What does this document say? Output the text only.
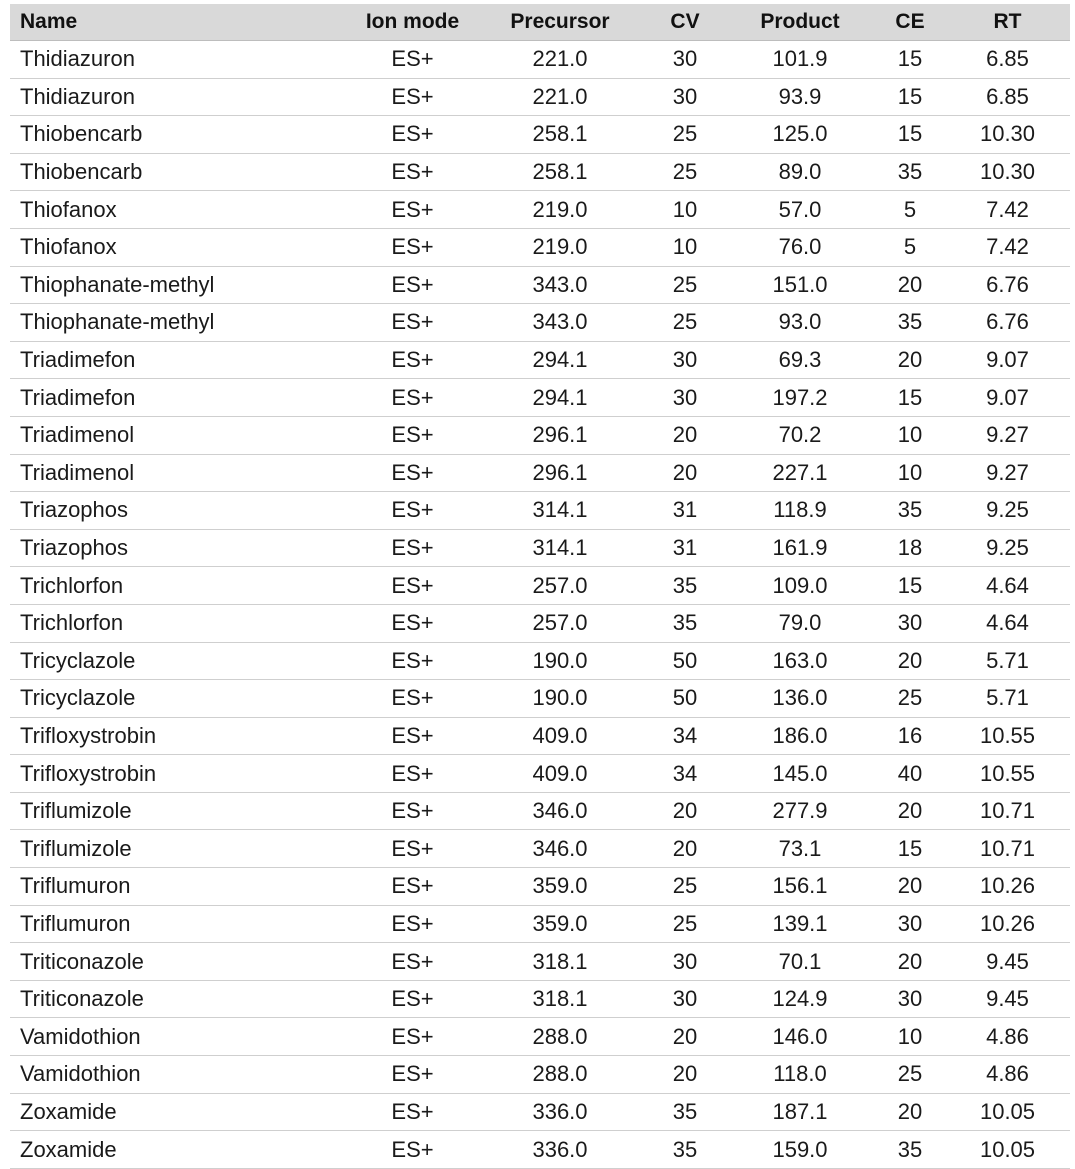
Name	Ion mode	Precursor	CV	Product	CE	RT
Thidiazuron	ES+	221.0	30	101.9	15	6.85
Thidiazuron	ES+	221.0	30	93.9	15	6.85
Thiobencarb	ES+	258.1	25	125.0	15	10.30
Thiobencarb	ES+	258.1	25	89.0	35	10.30
Thiofanox	ES+	219.0	10	57.0	5	7.42
Thiofanox	ES+	219.0	10	76.0	5	7.42
Thiophanate-methyl	ES+	343.0	25	151.0	20	6.76
Thiophanate-methyl	ES+	343.0	25	93.0	35	6.76
Triadimefon	ES+	294.1	30	69.3	20	9.07
Triadimefon	ES+	294.1	30	197.2	15	9.07
Triadimenol	ES+	296.1	20	70.2	10	9.27
Triadimenol	ES+	296.1	20	227.1	10	9.27
Triazophos	ES+	314.1	31	118.9	35	9.25
Triazophos	ES+	314.1	31	161.9	18	9.25
Trichlorfon	ES+	257.0	35	109.0	15	4.64
Trichlorfon	ES+	257.0	35	79.0	30	4.64
Tricyclazole	ES+	190.0	50	163.0	20	5.71
Tricyclazole	ES+	190.0	50	136.0	25	5.71
Trifloxystrobin	ES+	409.0	34	186.0	16	10.55
Trifloxystrobin	ES+	409.0	34	145.0	40	10.55
Triflumizole	ES+	346.0	20	277.9	20	10.71
Triflumizole	ES+	346.0	20	73.1	15	10.71
Triflumuron	ES+	359.0	25	156.1	20	10.26
Triflumuron	ES+	359.0	25	139.1	30	10.26
Triticonazole	ES+	318.1	30	70.1	20	9.45
Triticonazole	ES+	318.1	30	124.9	30	9.45
Vamidothion	ES+	288.0	20	146.0	10	4.86
Vamidothion	ES+	288.0	20	118.0	25	4.86
Zoxamide	ES+	336.0	35	187.1	20	10.05
Zoxamide	ES+	336.0	35	159.0	35	10.05
